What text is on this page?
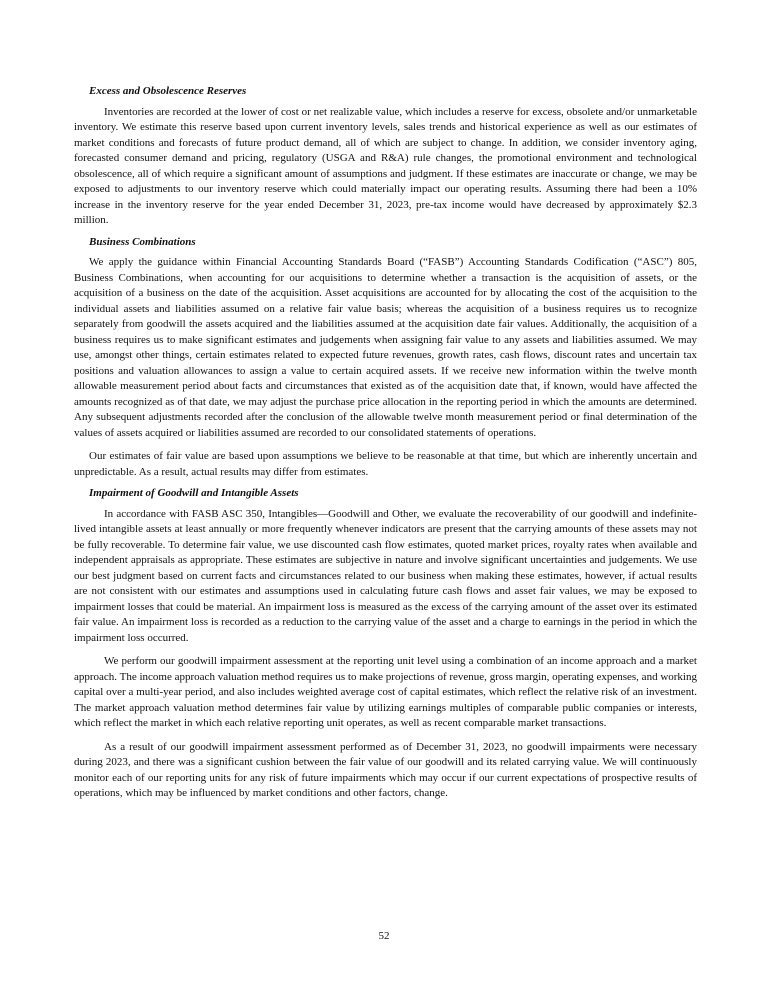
Excess and Obsolescence Reserves

Inventories are recorded at the lower of cost or net realizable value, which includes a reserve for excess, obsolete and/or unmarketable inventory. We estimate this reserve based upon current inventory levels, sales trends and historical experience as well as our estimates of market conditions and forecasts of future product demand, all of which are subject to change. In addition, we consider inventory aging, forecasted consumer demand and pricing, regulatory (USGA and R&A) rule changes, the promotional environment and technological obsolescence, all of which require a significant amount of assumptions and judgment. If these estimates are inaccurate or change, we may be exposed to adjustments to our inventory reserve which could materially impact our operating results. Assuming there had been a 10% increase in the inventory reserve for the year ended December 31, 2023, pre-tax income would have decreased by approximately $2.3 million.

Business Combinations

We apply the guidance within Financial Accounting Standards Board (“FASB”) Accounting Standards Codification (“ASC”) 805, Business Combinations, when accounting for our acquisitions to determine whether a transaction is the acquisition of assets, or the acquisition of a business on the date of the acquisition. Asset acquisitions are accounted for by allocating the cost of the acquisition to the individual assets and liabilities assumed on a relative fair value basis; whereas the acquisition of a business requires us to recognize separately from goodwill the assets acquired and the liabilities assumed at the acquisition date fair values. Additionally, the acquisition of a business requires us to make significant estimates and judgements when assigning fair value to any assets and liabilities assumed. We may use, amongst other things, certain estimates related to expected future revenues, growth rates, cash flows, discount rates and uncertain tax positions and valuation allowances to assign a value to certain acquired assets. If we receive new information within the twelve month allowable measurement period about facts and circumstances that existed as of the acquisition date that, if known, would have affected the amounts recognized as of that date, we may adjust the purchase price allocation in the reporting period in which the amounts are determined. Any subsequent adjustments recorded after the conclusion of the allowable twelve month measurement period or final determination of the values of assets acquired or liabilities assumed are recorded to our consolidated statements of operations.

Our estimates of fair value are based upon assumptions we believe to be reasonable at that time, but which are inherently uncertain and unpredictable. As a result, actual results may differ from estimates.

Impairment of Goodwill and Intangible Assets

In accordance with FASB ASC 350, Intangibles—Goodwill and Other, we evaluate the recoverability of our goodwill and indefinite-lived intangible assets at least annually or more frequently whenever indicators are present that the carrying amounts of these assets may not be fully recoverable. To determine fair value, we use discounted cash flow estimates, quoted market prices, royalty rates when available and independent appraisals as appropriate. These estimates are subjective in nature and involve significant uncertainties and judgements. We use our best judgment based on current facts and circumstances related to our business when making these estimates, however, if actual results are not consistent with our estimates and assumptions used in calculating future cash flows and asset fair values, we may be exposed to impairment losses that could be material. An impairment loss is measured as the excess of the carrying amount of the asset over its estimated fair value. An impairment loss is recorded as a reduction to the carrying value of the asset and a charge to earnings in the period in which the impairment loss occurred.

We perform our goodwill impairment assessment at the reporting unit level using a combination of an income approach and a market approach. The income approach valuation method requires us to make projections of revenue, gross margin, operating expenses, and working capital over a multi-year period, and also includes weighted average cost of capital estimates, which reflect the relative risk of an investment. The market approach valuation method determines fair value by utilizing earnings multiples of comparable public companies or interests, which reflect the market in which each relative reporting unit operates, as well as recent comparable market transactions.

As a result of our goodwill impairment assessment performed as of December 31, 2023, no goodwill impairments were necessary during 2023, and there was a significant cushion between the fair value of our goodwill and its related carrying value. We will continuously monitor each of our reporting units for any risk of future impairments which may occur if our current expectations of prospective results of operations, which may be influenced by market conditions and other factors, change.

52
